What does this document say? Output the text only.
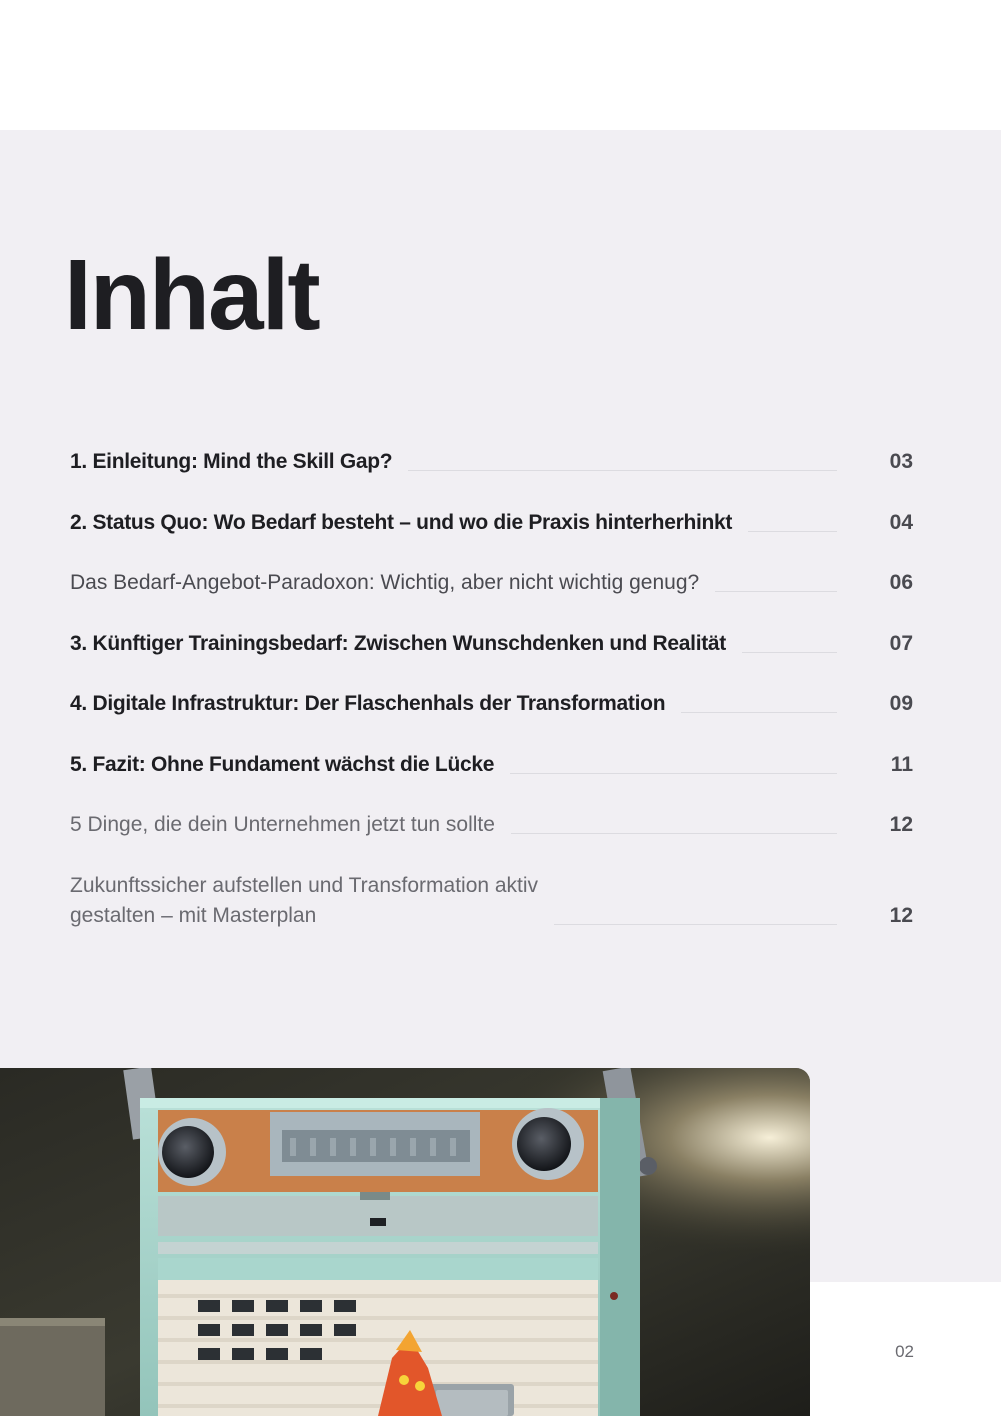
Inhalt
1. Einleitung: Mind the Skill Gap?	03
2. Status Quo: Wo Bedarf besteht – und wo die Praxis hinterherhinkt	04
Das Bedarf-Angebot-Paradoxon: Wichtig, aber nicht wichtig genug?	06
3. Künftiger Trainingsbedarf: Zwischen Wunschdenken und Realität	07
4. Digitale Infrastruktur: Der Flaschenhals der Transformation	09
5. Fazit: Ohne Fundament wächst die Lücke	11
5 Dinge, die dein Unternehmen jetzt tun sollte	12
Zukunftssicher aufstellen und Transformation aktiv
gestalten – mit Masterplan	12
02
